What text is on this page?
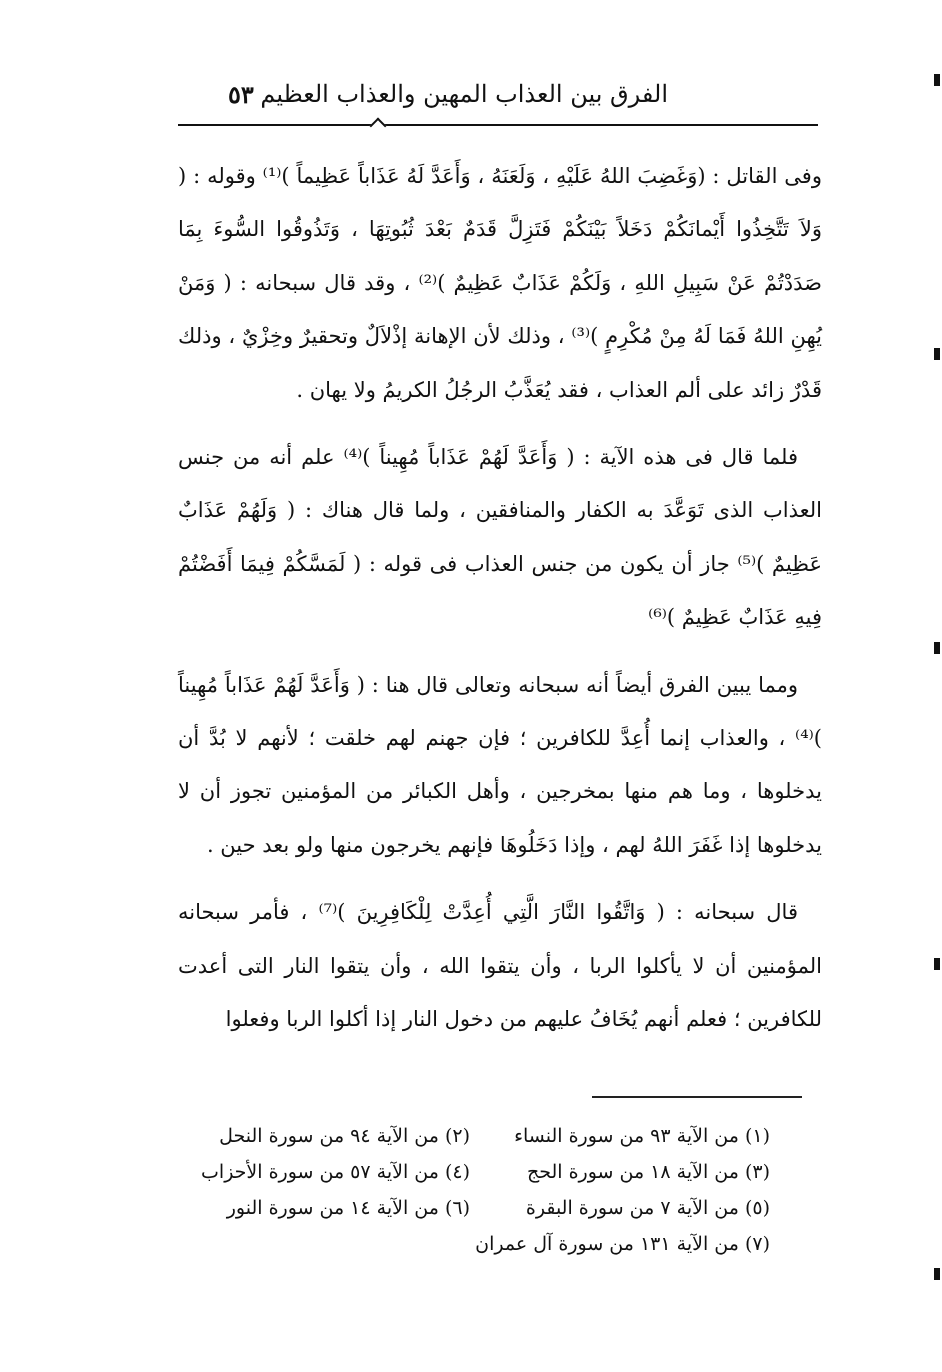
الفرق بين العذاب المهين والعذاب العظيم
٥٣

وفى القاتل : (وَغَضِبَ اللهُ عَلَيْهِ ، وَلَعَنَهُ ، وَأَعَدَّ لَهُ عَذَاباً عَظِيماً )⁽¹⁾ وقوله : ( وَلاَ تَتَّخِذُوا أَيْمانَكُمْ دَخَلاً بَيْنَكُمْ فَتَزِلَّ قَدَمٌ بَعْدَ ثُبُوتِهَا ، وَتَذُوقُوا السُّوءَ بِمَا صَدَدْتُمْ عَنْ سَبِيلِ اللهِ ، وَلَكُمْ عَذَابٌ عَظِيمٌ )⁽²⁾ ، وقد قال سبحانه : ( وَمَنْ يُهِنِ اللهُ فَمَا لَهُ مِنْ مُكْرِمٍ )⁽³⁾ ، وذلك لأن الإهانة إذْلاَلٌ وتحقيرٌ وخِزْيٌ ، وذلك قَدْرٌ زائد على ألم العذاب ، فقد يُعَذَّبُ الرجُلُ الكريمُ ولا يهان .

فلما قال فى هذه الآية : ( وَأَعَدَّ لَهُمْ عَذَاباً مُهِيناً )⁽⁴⁾ علم أنه من جنس العذاب الذى تَوَعَّدَ به الكفار والمنافقين ، ولما قال هناك : ( وَلَهُمْ عَذَابٌ عَظِيمٌ )⁽⁵⁾ جاز أن يكون من جنس العذاب فى قوله : ( لَمَسَّكُمْ فِيمَا أَفَضْتُمْ فِيهِ عَذَابٌ عَظِيمٌ )⁽⁶⁾

ومما يبين الفرق أيضاً أنه سبحانه وتعالى قال هنا : ( وَأَعَدَّ لَهُمْ عَذَاباً مُهِيناً )⁽⁴⁾ ، والعذاب إنما أُعِدَّ للكافرين ؛ فإن جهنم لهم خلقت ؛ لأنهم لا بُدَّ أن يدخلوها ، وما هم منها بمخرجين ، وأهل الكبائر من المؤمنين تجوز أن لا يدخلوها إذا غَفَرَ اللهُ لهم ، وإذا دَخَلُوهَا فإنهم يخرجون منها ولو بعد حين .

قال سبحانه : ( وَاتَّقُوا النَّارَ الَّتِي أُعِدَّتْ لِلْكَافِرِينَ )⁽⁷⁾ ، فأمر سبحانه المؤمنين أن لا يأكلوا الربا ، وأن يتقوا الله ، وأن يتقوا النار التى أعدت للكافرين ؛ فعلم أنهم يُخَافُ عليهم من دخول النار إذا أكلوا الربا وفعلوا

(١) من الآية ٩٣ من سورة النساء
(٢) من الآية ٩٤ من سورة النحل
(٣) من الآية ١٨ من سورة الحج
(٤) من الآية ٥٧ من سورة الأحزاب
(٥) من الآية ٧ من سورة البقرة
(٦) من الآية ١٤ من سورة النور
(٧) من الآية ١٣١ من سورة آل عمران
